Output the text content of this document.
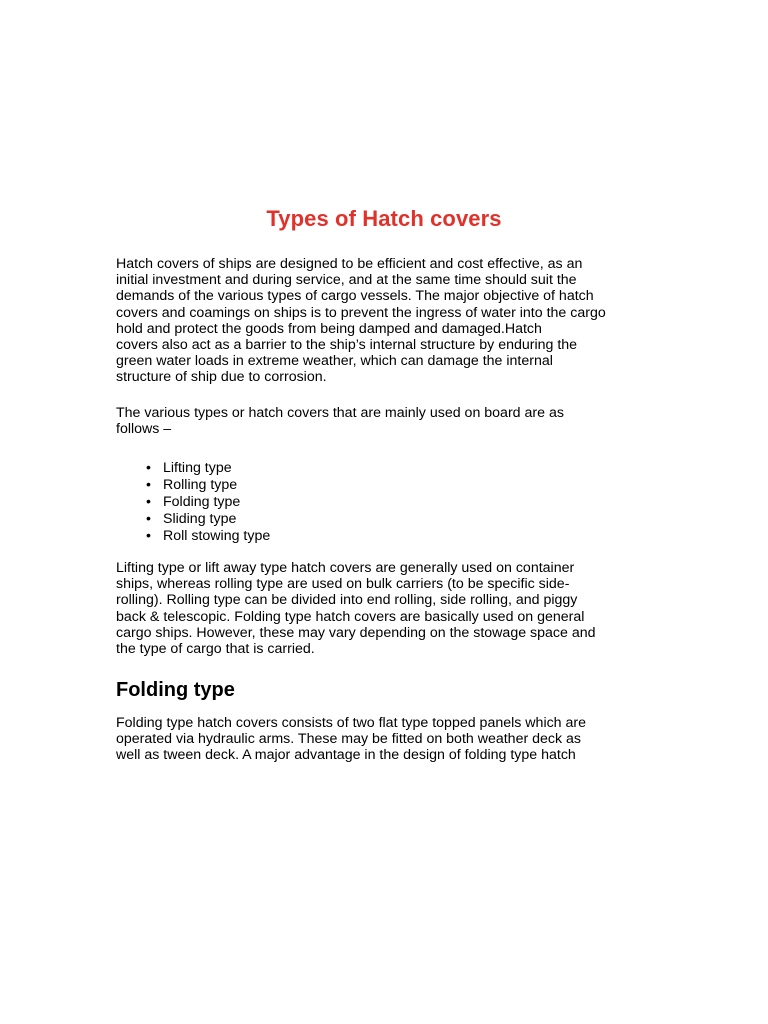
Types of Hatch covers

Hatch covers of ships are designed to be efficient and cost effective, as an
initial investment and during service, and at the same time should suit the
demands of the various types of cargo vessels. The major objective of hatch
covers and coamings on ships is to prevent the ingress of water into the cargo
hold and protect the goods from being damped and damaged.Hatch
covers also act as a barrier to the ship’s internal structure by enduring the
green water loads in extreme weather, which can damage the internal
structure of ship due to corrosion.

The various types or hatch covers that are mainly used on board are as
follows –

• Lifting type
• Rolling type
• Folding type
• Sliding type
• Roll stowing type

Lifting type or lift away type hatch covers are generally used on container
ships, whereas rolling type are used on bulk carriers (to be specific side-
rolling). Rolling type can be divided into end rolling, side rolling, and piggy
back & telescopic. Folding type hatch covers are basically used on general
cargo ships. However, these may vary depending on the stowage space and
the type of cargo that is carried.

Folding type

Folding type hatch covers consists of two flat type topped panels which are
operated via hydraulic arms. These may be fitted on both weather deck as
well as tween deck. A major advantage in the design of folding type hatch
